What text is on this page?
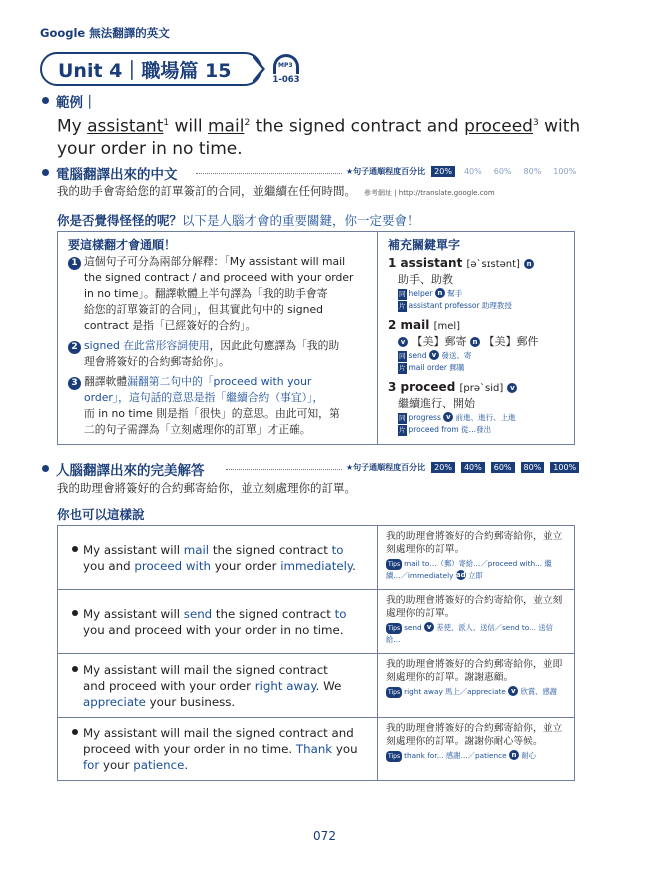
Google 無法翻譯的英文
Unit 4｜職場篇 15	MP3
1-063
範例｜
My assistant$^1$ will mail$^2$ the signed contract and proceed$^3$ with your order in no time.
電腦翻譯出來的中文	★句子通順程度百分比	20%	40%	60%	80%	100%
我的助手會寄給您的訂單簽訂的合同，並繼續在任何時間。 參考網址 | http://translate.google.com
你是否覺得怪怪的呢？以下是人腦才會的重要關鍵，你一定要會！
要這樣翻才會通順！
1 這個句子可分為兩部分解釋：「My assistant will mail
the signed contract / and proceed with your order
in no time」。翻譯軟體上半句譯為「我的助手會寄
給您的訂單簽訂的合同」，但其實此句中的 signed
contract 是指「已經簽好的合約」。
2 signed 在此當形容詞使用，因此此句應譯為「我的助
理會將簽好的合約郵寄給你」。
3 翻譯軟體漏翻第二句中的「proceed with your
order」，這句話的意思是指「繼續合約（事宜）」，
而 in no time 則是指「很快」的意思。由此可知，第
二的句子需譯為「立刻處理你的訂單」才正確。
補充關鍵單字
1 assistant [əˋsɪstənt] n
助手、助教
同 helper n 幫手
片 assistant professor 助理教授
2 mail [mel]
v 【美】郵寄 n 【美】郵件
同 send v 發送、寄
片 mail order 郵購
3 proceed [prəˋsid] v
繼續進行、開始
同 progress v 前進、進行、上進
片 proceed from 從…發出
人腦翻譯出來的完美解答	★句子通順程度百分比	20%	40%	60%	80%	100%
我的助理會將簽好的合約郵寄給你，並立刻處理你的訂單。
你也可以這樣說
My assistant will mail the signed contract to
you and proceed with your order immediately.
我的助理會將簽好的合約郵寄給你，並立刻處理你的訂單。
Tips mail to…（郵）寄給…／proceed with... 繼續…／immediately ad 立即
My assistant will send the signed contract to
you and proceed with your order in no time.
我的助理會將簽好的合約寄給你，並立刻處理你的訂單。
Tips send v 差使、派人、送信／send to... 送信給…
My assistant will mail the signed contract
and proceed with your order right away. We
appreciate your business.
我的助理會將簽好的合約郵寄給你，並即刻處理你的訂單。謝謝惠顧。
Tips right away 馬上／appreciate v 欣賞、感謝
My assistant will mail the signed contract and
proceed with your order in no time. Thank you
for your patience.
我的助理會將簽好的合約郵寄給你，並立刻處理你的訂單。謝謝你耐心等候。
Tips thank for... 感謝…／patience n 耐心
072
